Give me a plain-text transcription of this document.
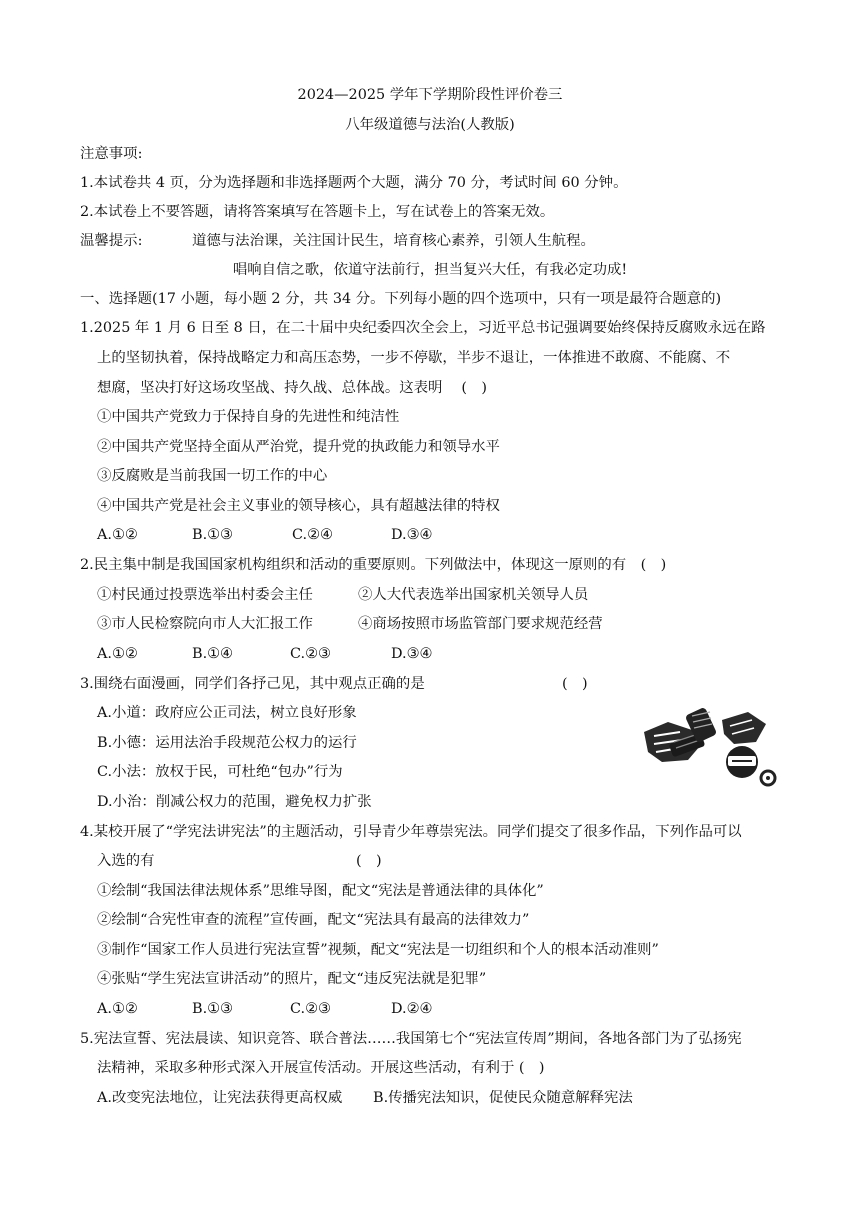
2024—2025 学年下学期阶段性评价卷三
八年级道德与法治(人教版)
注意事项:
1.本试卷共 4 页，分为选择题和非选择题两个大题，满分 70 分，考试时间 60 分钟。
2.本试卷上不要答题，请将答案填写在答题卡上，写在试卷上的答案无效。
温馨提示:	道德与法治课，关注国计民生，培育核心素养，引领人生航程。
唱响自信之歌，依道守法前行，担当复兴大任，有我必定功成!
一、选择题(17 小题，每小题 2 分，共 34 分。下列每小题的四个选项中，只有一项是最符合题意的)
1.2025 年 1 月 6 日至 8 日，在二十届中央纪委四次全会上，习近平总书记强调要始终保持反腐败永远在路
上的坚韧执着，保持战略定力和高压态势，一步不停歇，半步不退让，一体推进不敢腐、不能腐、不
想腐，坚决打好这场攻坚战、持久战、总体战。这表明　 (　)
①中国共产党致力于保持自身的先进性和纯洁性
②中国共产党坚持全面从严治党，提升党的执政能力和领导水平
③反腐败是当前我国一切工作的中心
④中国共产党是社会主义事业的领导核心，具有超越法律的特权
A.①②	B.①③	C.②④	D.③④
2.民主集中制是我国国家机构组织和活动的重要原则。下列做法中，体现这一原则的有　(　)
①村民通过投票选举出村委会主任	②人大代表选举出国家机关领导人员
③市人民检察院向市人大汇报工作	④商场按照市场监管部门要求规范经营
A.①②	B.①④	C.②③	D.③④
3.围绕右面漫画，同学们各抒己见，其中观点正确的是	(　)
A.小道：政府应公正司法，树立良好形象
B.小德：运用法治手段规范公权力的运行
C.小法：放权于民，可杜绝“包办”行为
D.小治：削减公权力的范围，避免权力扩张
4.某校开展了“学宪法讲宪法”的主题活动，引导青少年尊崇宪法。同学们提交了很多作品，下列作品可以
入选的有	(　)
①绘制“我国法律法规体系”思维导图，配文“宪法是普通法律的具体化”
②绘制“合宪性审查的流程”宣传画，配文“宪法具有最高的法律效力”
③制作“国家工作人员进行宪法宣誓”视频，配文“宪法是一切组织和个人的根本活动准则”
④张贴“学生宪法宣讲活动”的照片，配文“违反宪法就是犯罪”
A.①②	B.①③	C.②③	D.②④
5.宪法宣誓、宪法晨读、知识竞答、联合普法……我国第七个“宪法宣传周”期间，各地各部门为了弘扬宪
法精神，采取多种形式深入开展宣传活动。开展这些活动，有利于 (　)
A.改变宪法地位，让宪法获得更高权威 B.传播宪法知识，促使民众随意解释宪法
